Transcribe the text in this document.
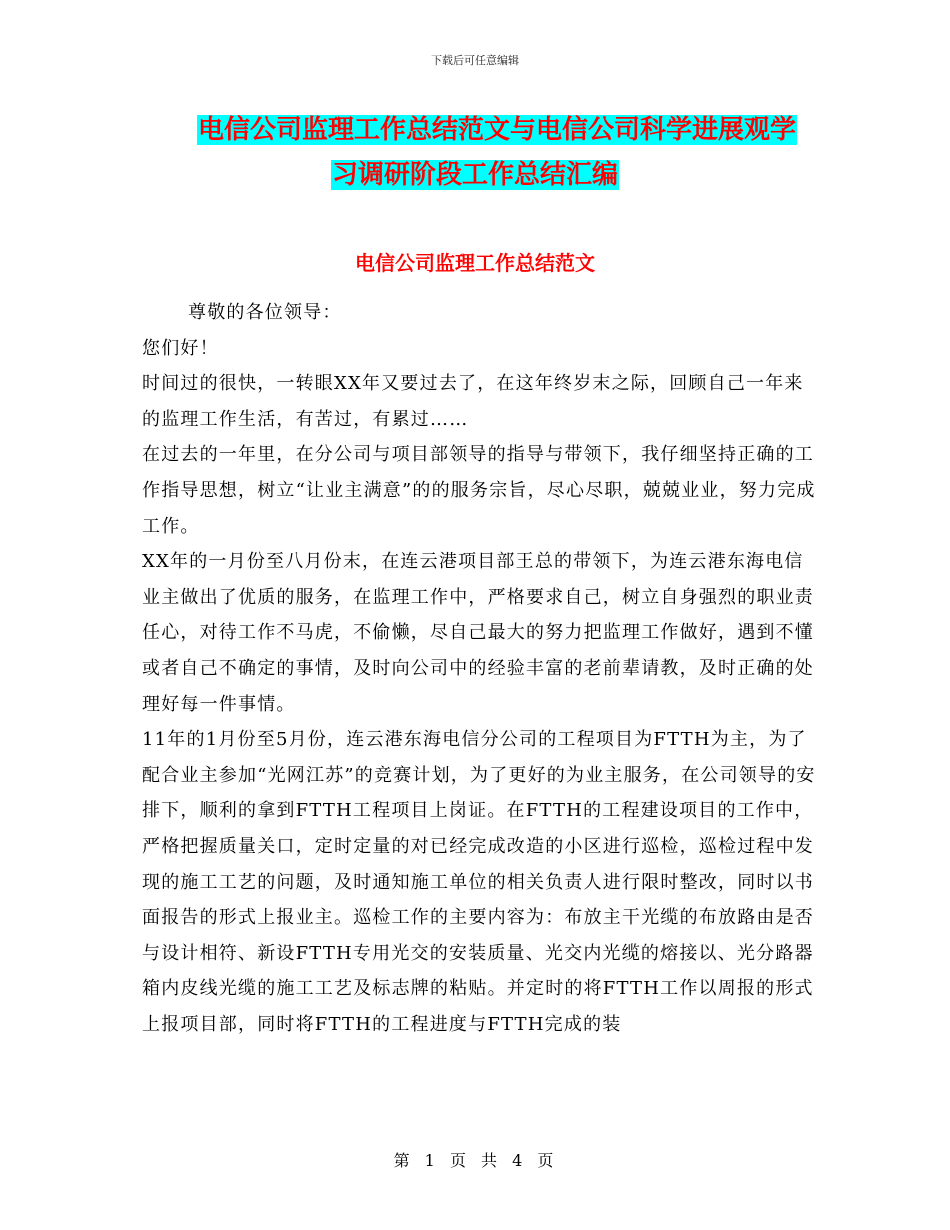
下载后可任意编辑
电信公司监理工作总结范文与电信公司科学进展观学
习调研阶段工作总结汇编
电信公司监理工作总结范文

尊敬的各位领导：

您们好！

时间过的很快，一转眼XX年又要过去了，在这年终岁末之际，回顾自己一年来的监理工作生活，有苦过，有累过……

在过去的一年里，在分公司与项目部领导的指导与带领下，我仔细坚持正确的工作指导思想，树立“让业主满意”的的服务宗旨，尽心尽职，兢兢业业，努力完成工作。

XX年的一月份至八月份末，在连云港项目部王总的带领下，为连云港东海电信业主做出了优质的服务，在监理工作中，严格要求自己，树立自身强烈的职业责任心，对待工作不马虎，不偷懒，尽自己最大的努力把监理工作做好，遇到不懂或者自己不确定的事情，及时向公司中的经验丰富的老前辈请教，及时正确的处理好每一件事情。

11年的1月份至5月份，连云港东海电信分公司的工程项目为FTTH为主，为了配合业主参加“光网江苏”的竞赛计划，为了更好的为业主服务，在公司领导的安排下，顺利的拿到FTTH工程项目上岗证。在FTTH的工程建设项目的工作中，严格把握质量关口，定时定量的对已经完成改造的小区进行巡检，巡检过程中发现的施工工艺的问题，及时通知施工单位的相关负责人进行限时整改，同时以书面报告的形式上报业主。巡检工作的主要内容为：布放主干光缆的布放路由是否与设计相符、新设FTTH专用光交的安装质量、光交内光缆的熔接以、光分路器箱内皮线光缆的施工工艺及标志牌的粘贴。并定时的将FTTH工作以周报的形式上报项目部，同时将FTTH的工程进度与FTTH完成的装

第 1 页 共 4 页
